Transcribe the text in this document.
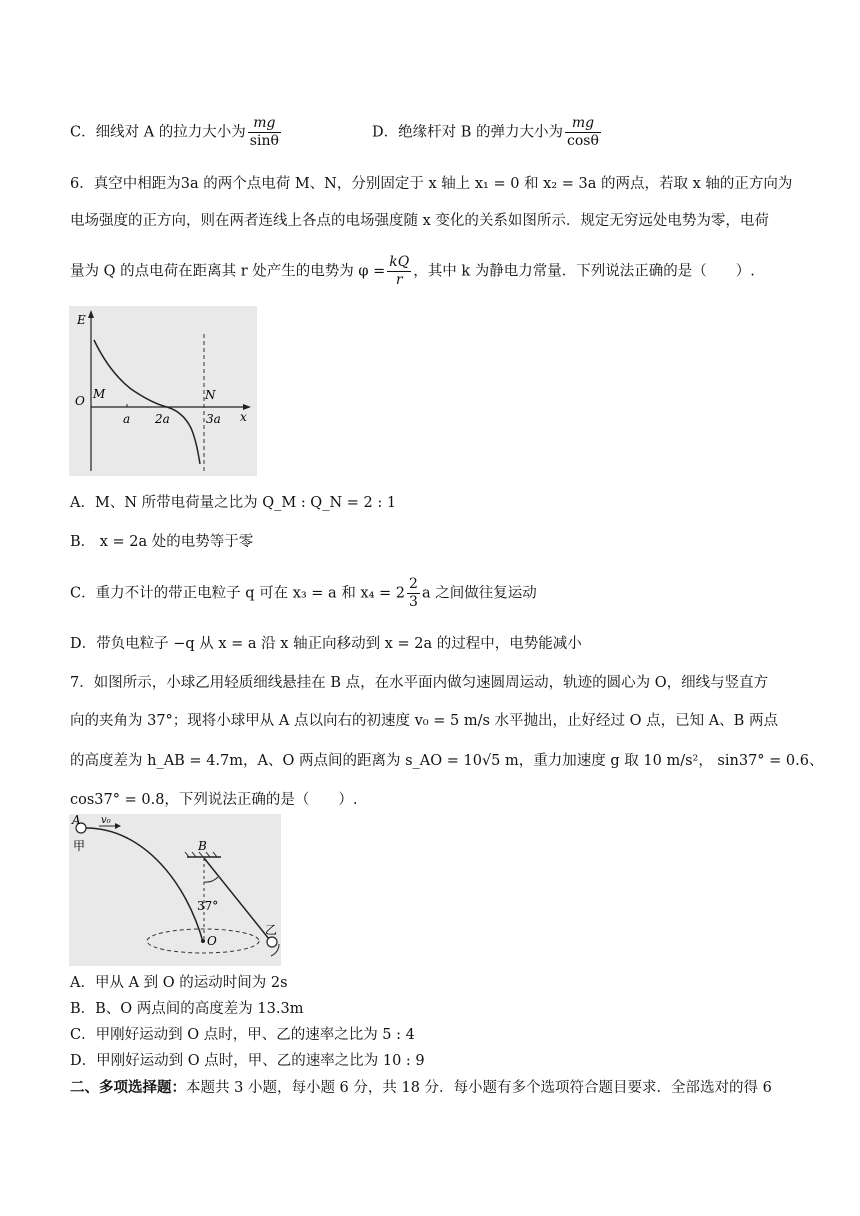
C．细线对 A 的拉力大小为 $\frac{mg}{\sin\theta}$	D．绝缘杆对 B 的弹力大小为 $\frac{mg}{\cos\theta}$
6．真空中相距为3a 的两个点电荷 M、N，分别固定于 x 轴上 x₁ = 0 和 x₂ = 3a 的两点，若取 x 轴的正方向为
电场强度的正方向，则在两者连线上各点的电场强度随 x 变化的关系如图所示．规定无穷远处电势为零，电荷
量为 Q 的点电荷在距离其 r 处产生的电势为 $\varphi = \frac{kQ}{r}$ ，其中 k 为静电力常量．下列说法正确的是（　　）.
E
O M	N
a 2a	3a x
A．M、N 所带电荷量之比为 Q_M : Q_N = 2 : 1
B． x = 2a 处的电势等于零
C．重力不计的带正电粒子 q 可在 x₃ = a 和 $x_4 = 2 \frac{2}{3}$ a 之间做往复运动
D．带负电粒子 −q 从 x = a 沿 x 轴正向移动到 x = 2a 的过程中，电势能减小
7．如图所示，小球乙用轻质细线悬挂在 B 点，在水平面内做匀速圆周运动，轨迹的圆心为 O，细线与竖直方
向的夹角为 37°；现将小球甲从 A 点以向右的初速度 v₀ = 5 m/s 水平抛出，止好经过 O 点，已知 A、B 两点
的高度差为 h_AB = 4.7m，A、O 两点间的距离为 s_AO = 10√5 m，重力加速度 g 取 10 m/s²， sin37° = 0.6、
cos37° = 0.8，下列说法正确的是（　　）.
A v₀
甲	B
37°
O
乙
A．甲从 A 到 O 的运动时间为 2s
B．B、O 两点间的高度差为 13.3m
C．甲刚好运动到 O 点时，甲、乙的速率之比为 5 : 4
D．甲刚好运动到 O 点时，甲、乙的速率之比为 10 : 9
二、多项选择题：本题共 3 小题，每小题 6 分，共 18 分．每小题有多个选项符合题目要求．全部选对的得 6
